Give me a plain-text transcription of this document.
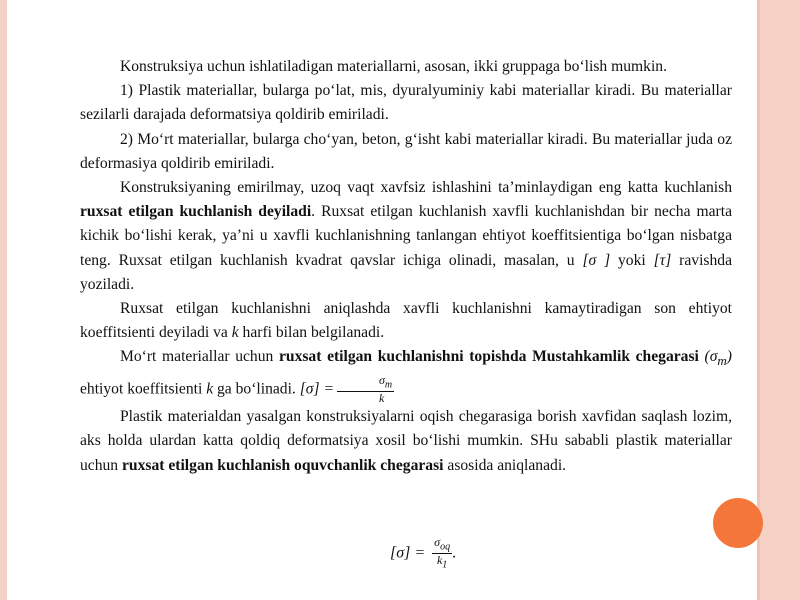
Konstruksiya uchun ishlatiladigan materiallarni, asosan, ikki gruppaga bo‘lish mumkin.

1) Plastik materiallar, bularga po‘lat, mis, dyuralyuminiy kabi materiallar kiradi. Bu materiallar sezilarli darajada deformatsiya qoldirib emiriladi.

2) Mo‘rt materiallar, bularga cho‘yan, beton, g‘isht kabi materiallar kiradi. Bu materiallar juda oz deformasiya qoldirib emiriladi.

Konstruksiyaning emirilmay, uzoq vaqt xavfsiz ishlashini ta’minlaydigan eng katta kuchlanish ruxsat etilgan kuchlanish deyiladi. Ruxsat etilgan kuchlanish xavfli kuchlanishdan bir necha marta kichik bo‘lishi kerak, ya’ni u xavfli kuchlanishning tanlangan ehtiyot koeffitsientiga bo‘lgan nisbatga teng. Ruxsat etilgan kuchlanish kvadrat qavslar ichiga olinadi, masalan, u [σ ] yoki [τ] ravishda yoziladi.

Ruxsat etilgan kuchlanishni aniqlashda xavfli kuchlanishni kamaytiradigan son ehtiyot koeffitsienti deyiladi va k harfi bilan belgilanadi.

Mo‘rt materiallar uchun ruxsat etilgan kuchlanishni topishda Mustahkamlik chegarasi $(\sigma_m)$ ehtiyot koeffitsienti k ga bo‘linadi. $[\sigma] = \frac{\sigma_m}{k}$

Plastik materialdan yasalgan konstruksiyalarni oqish chegarasiga borish xavfidan saqlash lozim, aks holda ulardan katta qoldiq deformatsiya xosil bo‘lishi mumkin. SHu sababli plastik materiallar uchun ruxsat etilgan kuchlanish oquvchanlik chegarasi asosida aniqlanadi.

$[\sigma] = \frac{\sigma_{oq}}{k_1}$ .
